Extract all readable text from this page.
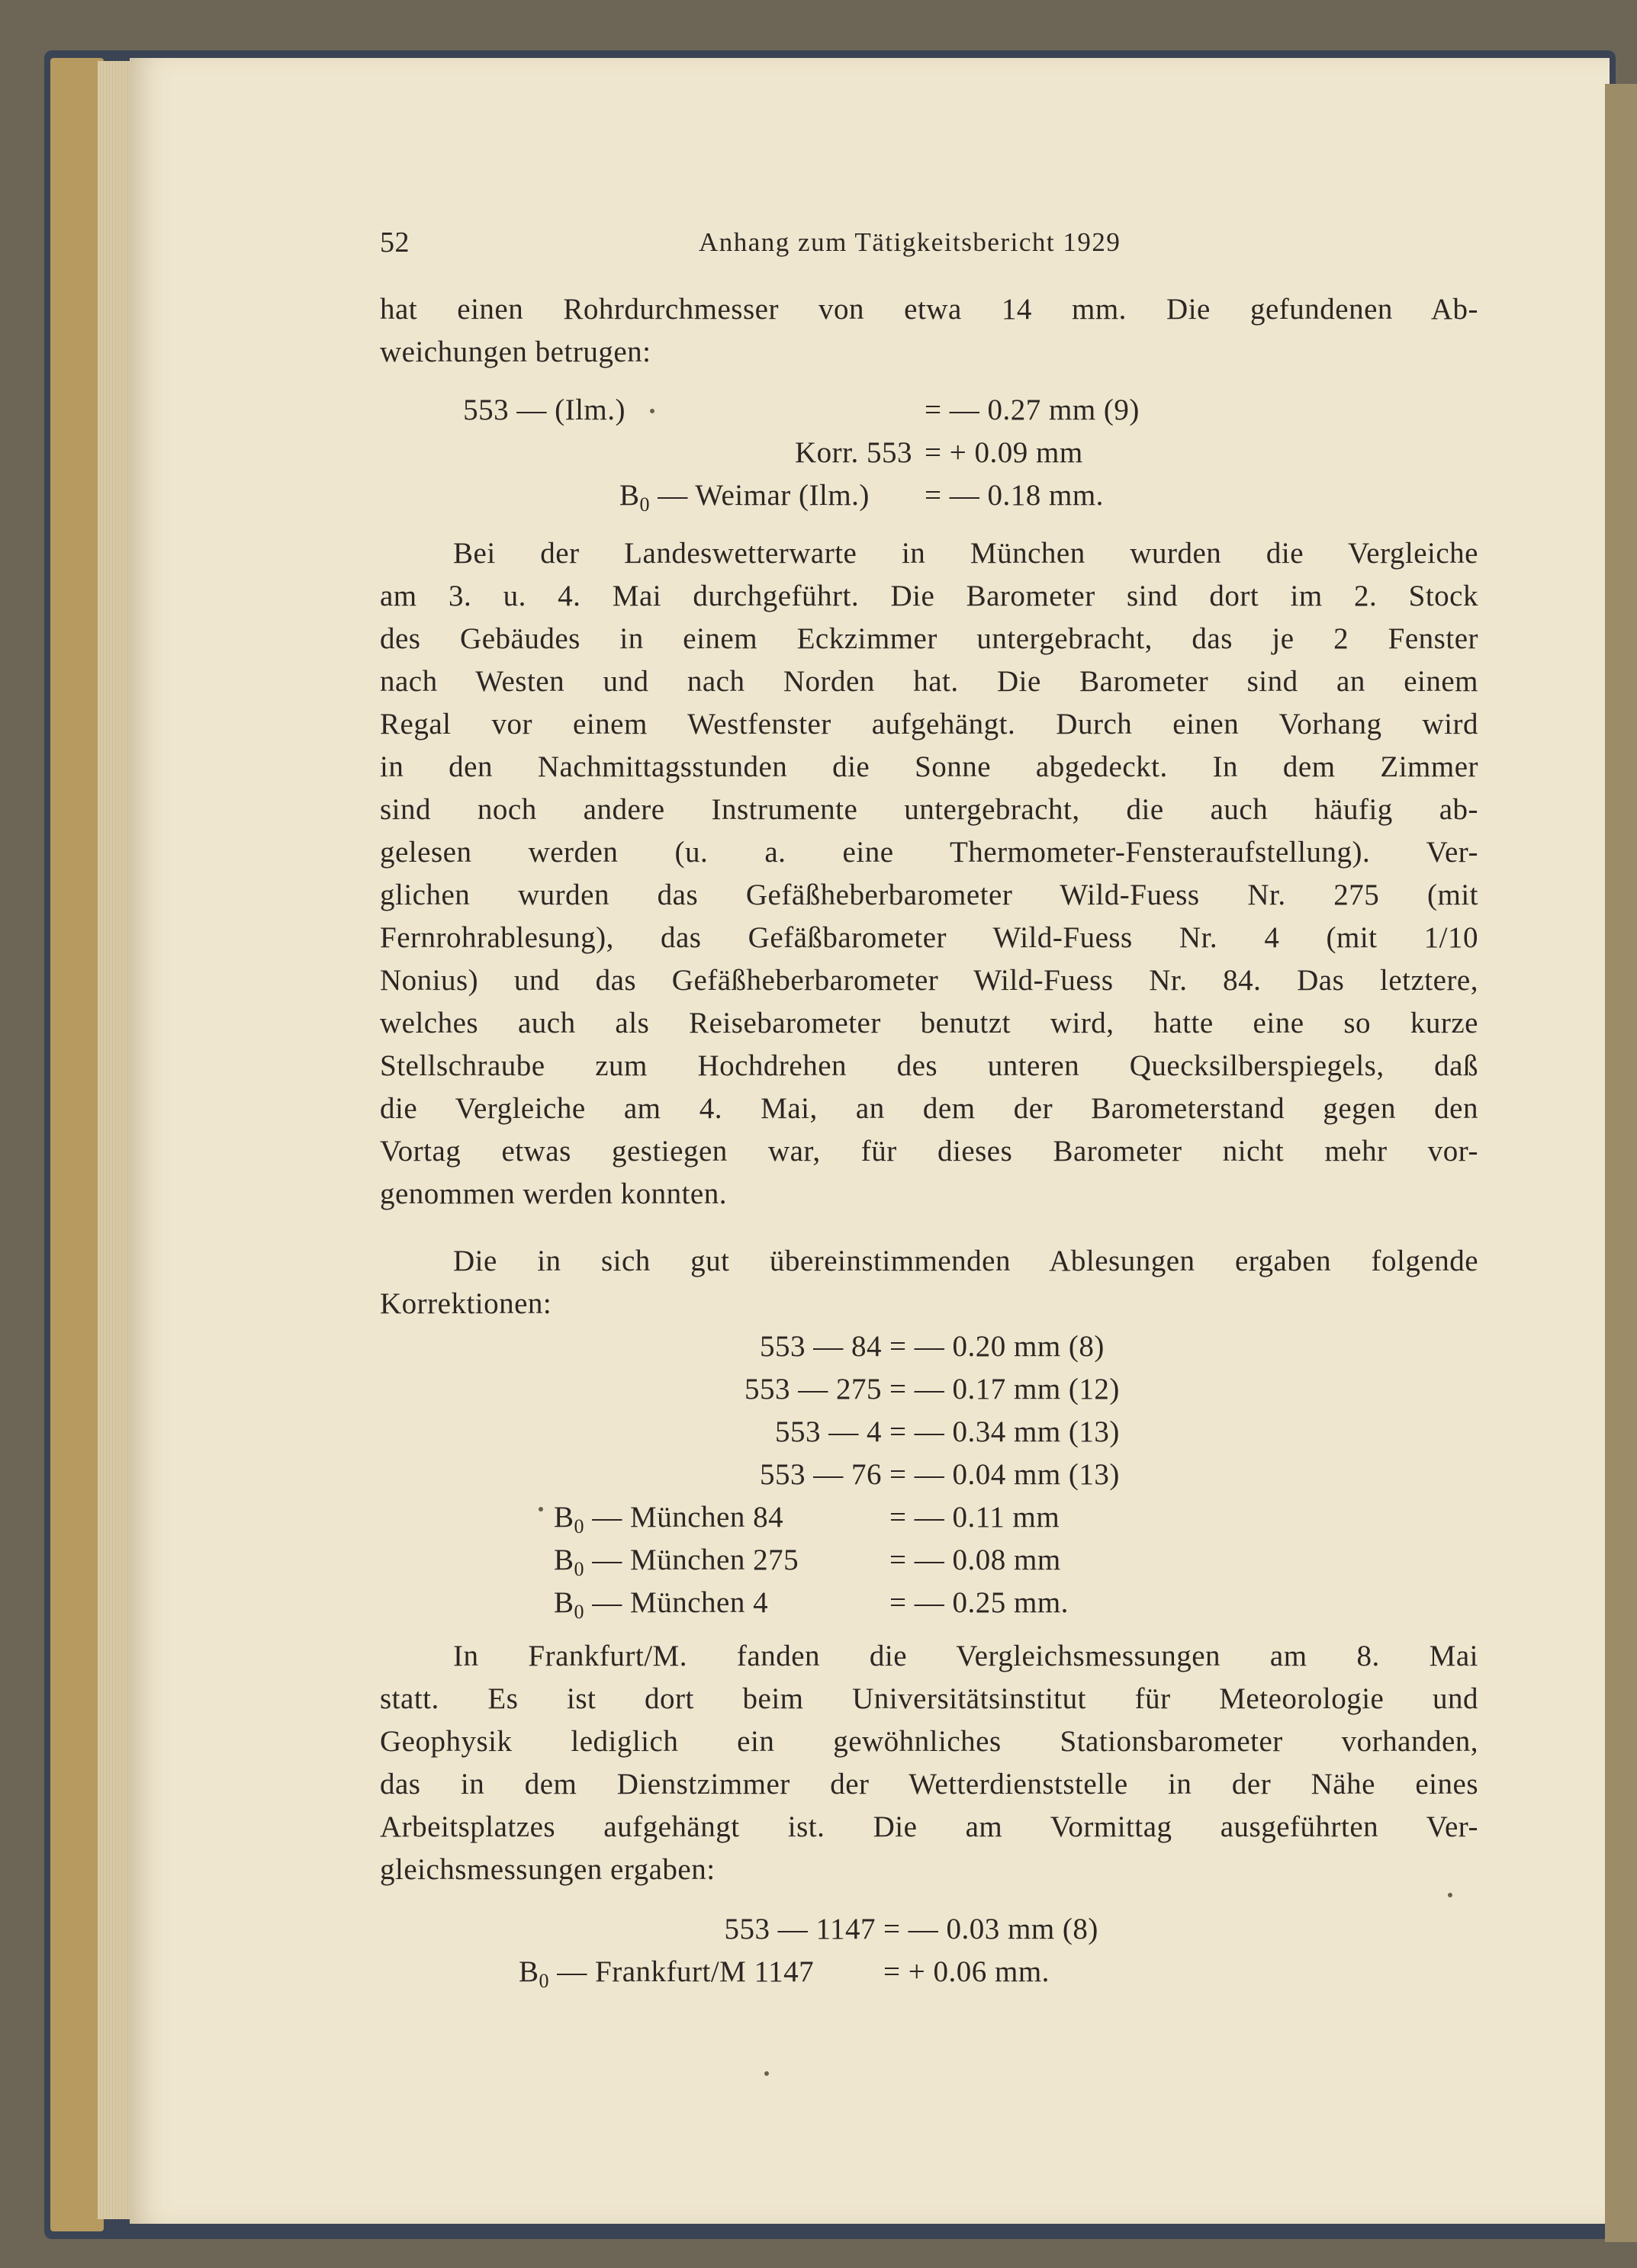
52	Anhang zum Tätigkeitsbericht 1929
hat einen Rohrdurchmesser von etwa 14 mm. Die gefundenen Ab-
weichungen betrugen:
553 — (Ilm.)	= — 0.27 mm (9)
Korr. 553 = + 0.09 mm
$B_0$ — Weimar (Ilm.) = — 0.18 mm.
Bei der Landeswetterwarte in München wurden die Vergleiche
am 3. u. 4. Mai durchgeführt. Die Barometer sind dort im 2. Stock
des Gebäudes in einem Eckzimmer untergebracht, das je 2 Fenster
nach Westen und nach Norden hat. Die Barometer sind an einem
Regal vor einem Westfenster aufgehängt. Durch einen Vorhang wird
in den Nachmittagsstunden die Sonne abgedeckt. In dem Zimmer
sind noch andere Instrumente untergebracht, die auch häufig ab-
gelesen werden (u. a. eine Thermometer-Fensteraufstellung). Ver-
glichen wurden das Gefäßheberbarometer Wild-Fuess Nr. 275 (mit
Fernrohrablesung), das Gefäßbarometer Wild-Fuess Nr. 4 (mit 1/10
Nonius) und das Gefäßheberbarometer Wild-Fuess Nr. 84. Das letztere,
welches auch als Reisebarometer benutzt wird, hatte eine so kurze
Stellschraube zum Hochdrehen des unteren Quecksilberspiegels, daß
die Vergleiche am 4. Mai, an dem der Barometerstand gegen den
Vortag etwas gestiegen war, für dieses Barometer nicht mehr vor-
genommen werden konnten.
Die in sich gut übereinstimmenden Ablesungen ergaben folgende
Korrektionen:
553 — 84 = — 0.20 mm (8)
553 — 275 = — 0.17 mm (12)
553 — 4 = — 0.34 mm (13)
553 — 76 = — 0.04 mm (13)
$B_0$ — München 84	= — 0.11 mm
$B_0$ — München 275	= — 0.08 mm
$B_0$ — München 4	= — 0.25 mm.
In Frankfurt/M. fanden die Vergleichsmessungen am 8. Mai
statt. Es ist dort beim Universitätsinstitut für Meteorologie und
Geophysik lediglich ein gewöhnliches Stationsbarometer vorhanden,
das in dem Dienstzimmer der Wetterdienststelle in der Nähe eines
Arbeitsplatzes aufgehängt ist. Die am Vormittag ausgeführten Ver-
gleichsmessungen ergaben:
553 — 1147 = — 0.03 mm (8)
$B_0$ — Frankfurt/M 1147 = + 0.06 mm.
